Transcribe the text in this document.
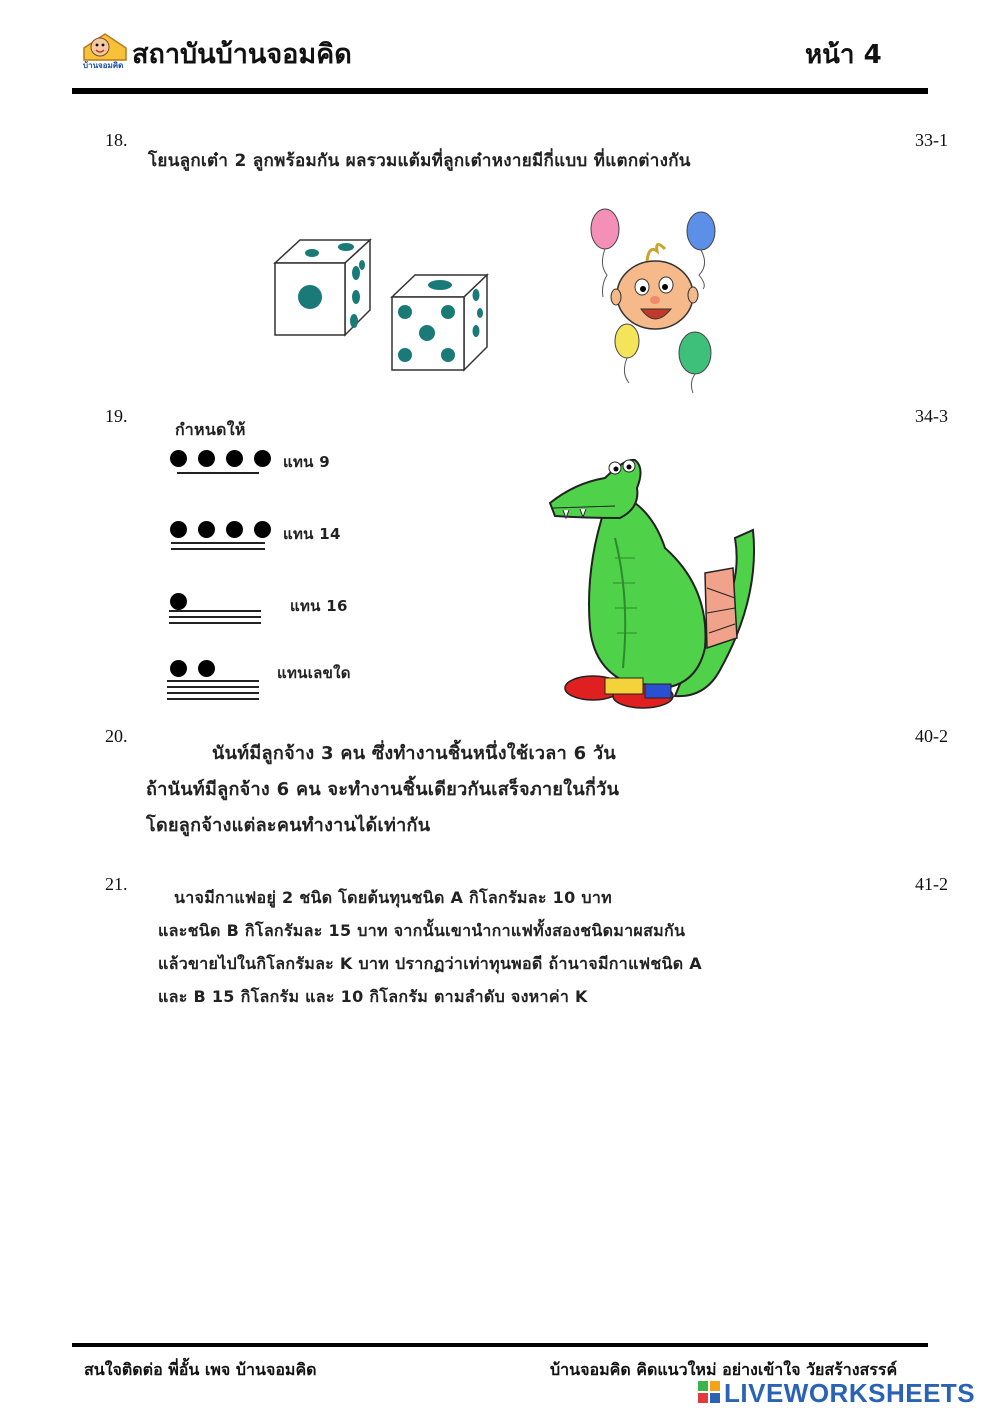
บ้านจอมคิด สถาบันบ้านจอมคิด	หน้า 4
18.	33-1
โยนลูกเต๋า 2 ลูกพร้อมกัน ผลรวมแต้มที่ลูกเต๋าหงายมีกี่แบบ ที่แตกต่างกัน
19.	34-3
กำหนดให้
แทน 9
แทน 14
แทน 16
แทนเลขใด
20.	40-2
นันท์มีลูกจ้าง 3 คน ซึ่งทำงานชิ้นหนึ่งใช้เวลา 6 วัน
ถ้านันท์มีลูกจ้าง 6 คน จะทำงานชิ้นเดียวกันเสร็จภายในกี่วัน
โดยลูกจ้างแต่ละคนทำงานได้เท่ากัน
21.	41-2
นาจมีกาแฟอยู่ 2 ชนิด โดยต้นทุนชนิด A กิโลกรัมละ 10 บาท
และชนิด B กิโลกรัมละ 15 บาท จากนั้นเขานำกาแฟทั้งสองชนิดมาผสมกัน
แล้วขายไปในกิโลกรัมละ K บาท ปรากฏว่าเท่าทุนพอดี ถ้านาจมีกาแฟชนิด A
และ B 15 กิโลกรัม และ 10 กิโลกรัม ตามลำดับ จงหาค่า K
สนใจติดต่อ พี่อั้น เพจ บ้านจอมคิด	บ้านจอมคิด คิดแนวใหม่ อย่างเข้าใจ วัยสร้างสรรค์
LIVEWORKSHEETS
